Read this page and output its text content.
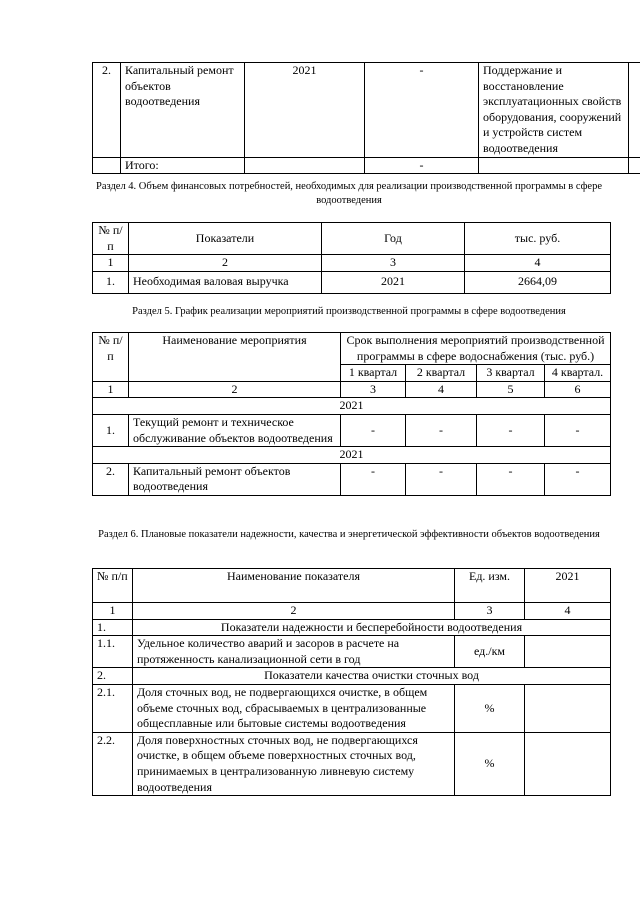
2.	Капитальный ремонт объектов водоотведения	2021	-	Поддержание и восстановление эксплуатационных свойств оборудования, сооружений и устройств систем водоотведения	
	Итого:		-		
Раздел 4. Объем финансовых потребностей, необходимых для реализации производственной программы в сфере водоотведения
№ п/п	Показатели	Год	тыс. руб.
1	2	3	4
1.	Необходимая валовая выручка	2021	2664,09
Раздел 5. График реализации мероприятий производственной программы в сфере водоотведения
№ п/п	Наименование мероприятия	Срок выполнения мероприятий производственной программы в сфере водоснабжения (тыс. руб.)			
		1 квартал	2 квартал	3 квартал	4 квартал.
1	2	3	4	5	6
2021					
1.	Текущий ремонт и техническое обслуживание объектов водоотведения	-	-	-	-
2021					
2.	Капитальный ремонт объектов водоотведения	-	-	-	-
Раздел 6. Плановые показатели надежности, качества и энергетической эффективности объектов водоотведения
№ п/п	Наименование показателя	Ед. изм.	2021
1	2	3	4
1.	Показатели надежности и бесперебойности водоотведения		
1.1.	Удельное количество аварий и засоров в расчете на протяженность канализационной сети в год	ед./км	
2.	Показатели качества очистки сточных вод		
2.1.	Доля сточных вод, не подвергающихся очистке, в общем объеме сточных вод, сбрасываемых в централизованные общесплавные или бытовые системы водоотведения	%	
2.2.	Доля поверхностных сточных вод, не подвергающихся очистке, в общем объеме поверхностных сточных вод, принимаемых в централизованную ливневую систему водоотведения	%	
